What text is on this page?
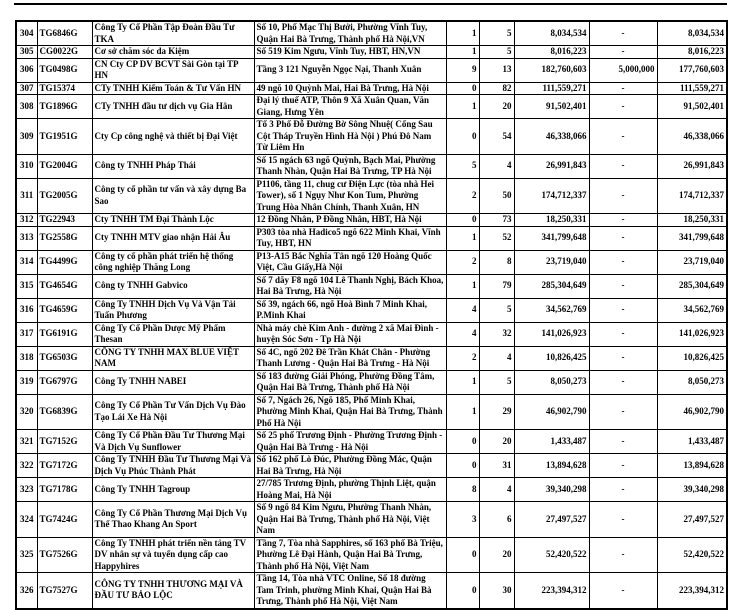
304	TG6846G	Công Ty Cổ Phần Tập Đoàn Đầu Tư TKA	Số 10, Phố Mạc Thị Bưởi, Phường Vĩnh Tuy, Quận Hai Bà Trưng, Thành phố Hà Nội,VN	1	5	8,034,534	-	8,034,534
305	CG0022G	Cơ sở chăm sóc da Kiệm	Số 519 Kim Ngưu, Vĩnh Tuy, HBT, HN,VN	1	5	8,016,223	-	8,016,223
306	TG0498G	CN Cty CP DV BCVT Sài Gòn tại TP HN	Tầng 3 121 Nguyễn Ngọc Nại, Thanh Xuân	9	13	182,760,603	5,000,000	177,760,603
307	TG15374	CTy TNHH Kiểm Toán & Tư Vấn HN	49 ngõ 10 Quỳnh Mai, Hai Bà Trưng, Hà Nội	0	82	111,559,271	-	111,559,271
308	TG1896G	CTy TNHH đầu tư dịch vụ Gia Hân	Đại lý thuế ATP, Thôn 9 Xã Xuân Quan, Văn Giang, Hưng Yên	1	20	91,502,401	-	91,502,401
309	TG1951G	Cty Cp công nghệ và thiết bị Đại Việt	Tổ 3 Phố Đỗ Đường Bờ Sông Nhuệ( Cổng Sau Cột Tháp Truyền Hình Hà Nội ) Phú Đô Nam Từ Liêm Hn	0	54	46,338,066	-	46,338,066
310	TG2004G	Công ty TNHH Pháp Thái	Số 15 ngách 63 ngõ Quỳnh, Bạch Mai, Phường Thanh Nhàn, Quận Hai Bà Trưng, TP Hà Nội	5	4	26,991,843	-	26,991,843
311	TG2005G	Công ty cổ phần tư vấn và xây dựng Ba Sao	P1106, tầng 11, chug cư Điện Lực (tòa nhà Hei Tower), số 1 Ngụy Như Kon Tum, Phường Trung Hòa Nhân Chính, Thanh Xuân, HN	2	50	174,712,337	-	174,712,337
312	TG22943	Cty TNHH TM Đại Thành Lộc	12 Đồng Nhân, P Đồng Nhân, HBT, Hà Nội	0	73	18,250,331	-	18,250,331
313	TG2558G	Cty TNHH MTV giao nhận Hải Âu	P303 tòa nhà Hadico5 ngõ 622 Minh Khai, Vĩnh Tuy, HBT, HN	1	52	341,799,648	-	341,799,648
314	TG4499G	Công ty cổ phần phát triển hệ thống công nghiệp Thăng Long	P13-A15 Bắc Nghĩa Tân ngõ 120 Hoàng Quốc Việt, Cầu Giấy,Hà Nội	2	8	23,719,040	-	23,719,040
315	TG4654G	Công ty TNHH Gabvico	Số 7 dãy F8 ngõ 104 Lê Thanh Nghị, Bách Khoa, Hai Bà Trưng, Hà Nội	1	79	285,304,649	-	285,304,649
316	TG4659G	Công Ty TNHH Dịch Vụ Và Vận Tải Tuấn Phương	Số 39, ngách 66, ngõ Hoà Bình 7 Minh Khai, P.Minh Khai	4	5	34,562,769	-	34,562,769
317	TG6191G	Công Ty Cổ Phần Dược Mỹ Phẩm Thesan	Nhà máy chè Kim Anh - đường 2 xã Mai Đình - huyện Sóc Sơn - Tp Hà Nội	4	32	141,026,923	-	141,026,923
318	TG6503G	CÔNG TY TNHH MAX BLUE VIỆT NAM	Số 4C, ngõ 202 Đê Trần Khát Chân - Phường Thanh Lương - Quận Hai Bà Trưng - Hà Nội	2	4	10,826,425	-	10,826,425
319	TG6797G	Công Ty TNHH NABEI	Số 183 đường Giải Phóng, Phường Đồng Tâm, Quận Hai Bà Trưng, Thành phố Hà Nội	1	5	8,050,273	-	8,050,273
320	TG6839G	Công Ty Cổ Phần Tư Vấn Dịch Vụ Đào Tạo Lái Xe Hà Nội	Số 7, Ngách 26, Ngõ 185, Phố Minh Khai, Phường Minh Khai, Quận Hai Bà Trưng, Thành Phố Hà Nội	1	29	46,902,790	-	46,902,790
321	TG7152G	Công Ty Cổ Phần Đầu Tư Thương Mại Và Dịch Vụ Sunflower	Số 25 phố Trương Định - Phường Trương Định - Quận Hai Bà Trưng - Hà Nội	0	20	1,433,487	-	1,433,487
322	TG7172G	Công Ty TNHH Đầu Tư Thương Mại Và Dịch Vụ Phúc Thành Phát	Số 162 phố Lò Đúc, Phường Đồng Mác, Quận Hai Bà Trưng, Hà Nội	0	31	13,894,628	-	13,894,628
323	TG7178G	Công Ty TNHH Tagroup	27/785 Trương Định, phường Thịnh Liệt, quận Hoàng Mai, Hà Nội	8	4	39,340,298	-	39,340,298
324	TG7424G	Công Ty Cổ Phần Thương Mại Dịch Vụ Thể Thao Khang An Sport	Số 9 ngõ 84 Kim Ngưu, Phường Thanh Nhàn, Quận Hai Bà Trưng, Thành phố Hà Nội, Việt Nam	3	6	27,497,527	-	27,497,527
325	TG7526G	Công Ty TNHH phát triển nền tảng TV DV nhân sự và tuyển dụng cấp cao Happyhires	Tầng 7, Tòa nhà Sapphires, số 163 phố Bà Triệu, Phường Lê Đại Hành, Quận Hai Bà Trưng, Thành phố Hà Nội, Việt Nam	0	20	52,420,522	-	52,420,522
326	TG7527G	CÔNG TY TNHH THƯƠNG MẠI VÀ ĐẦU TƯ BẢO LỘC	Tầng 14, Tòa nhà VTC Online, Số 18 đường Tam Trinh, phường Minh Khai, Quận Hai Bà Trưng, Thành phố Hà Nội, Việt Nam	0	30	223,394,312	-	223,394,312
